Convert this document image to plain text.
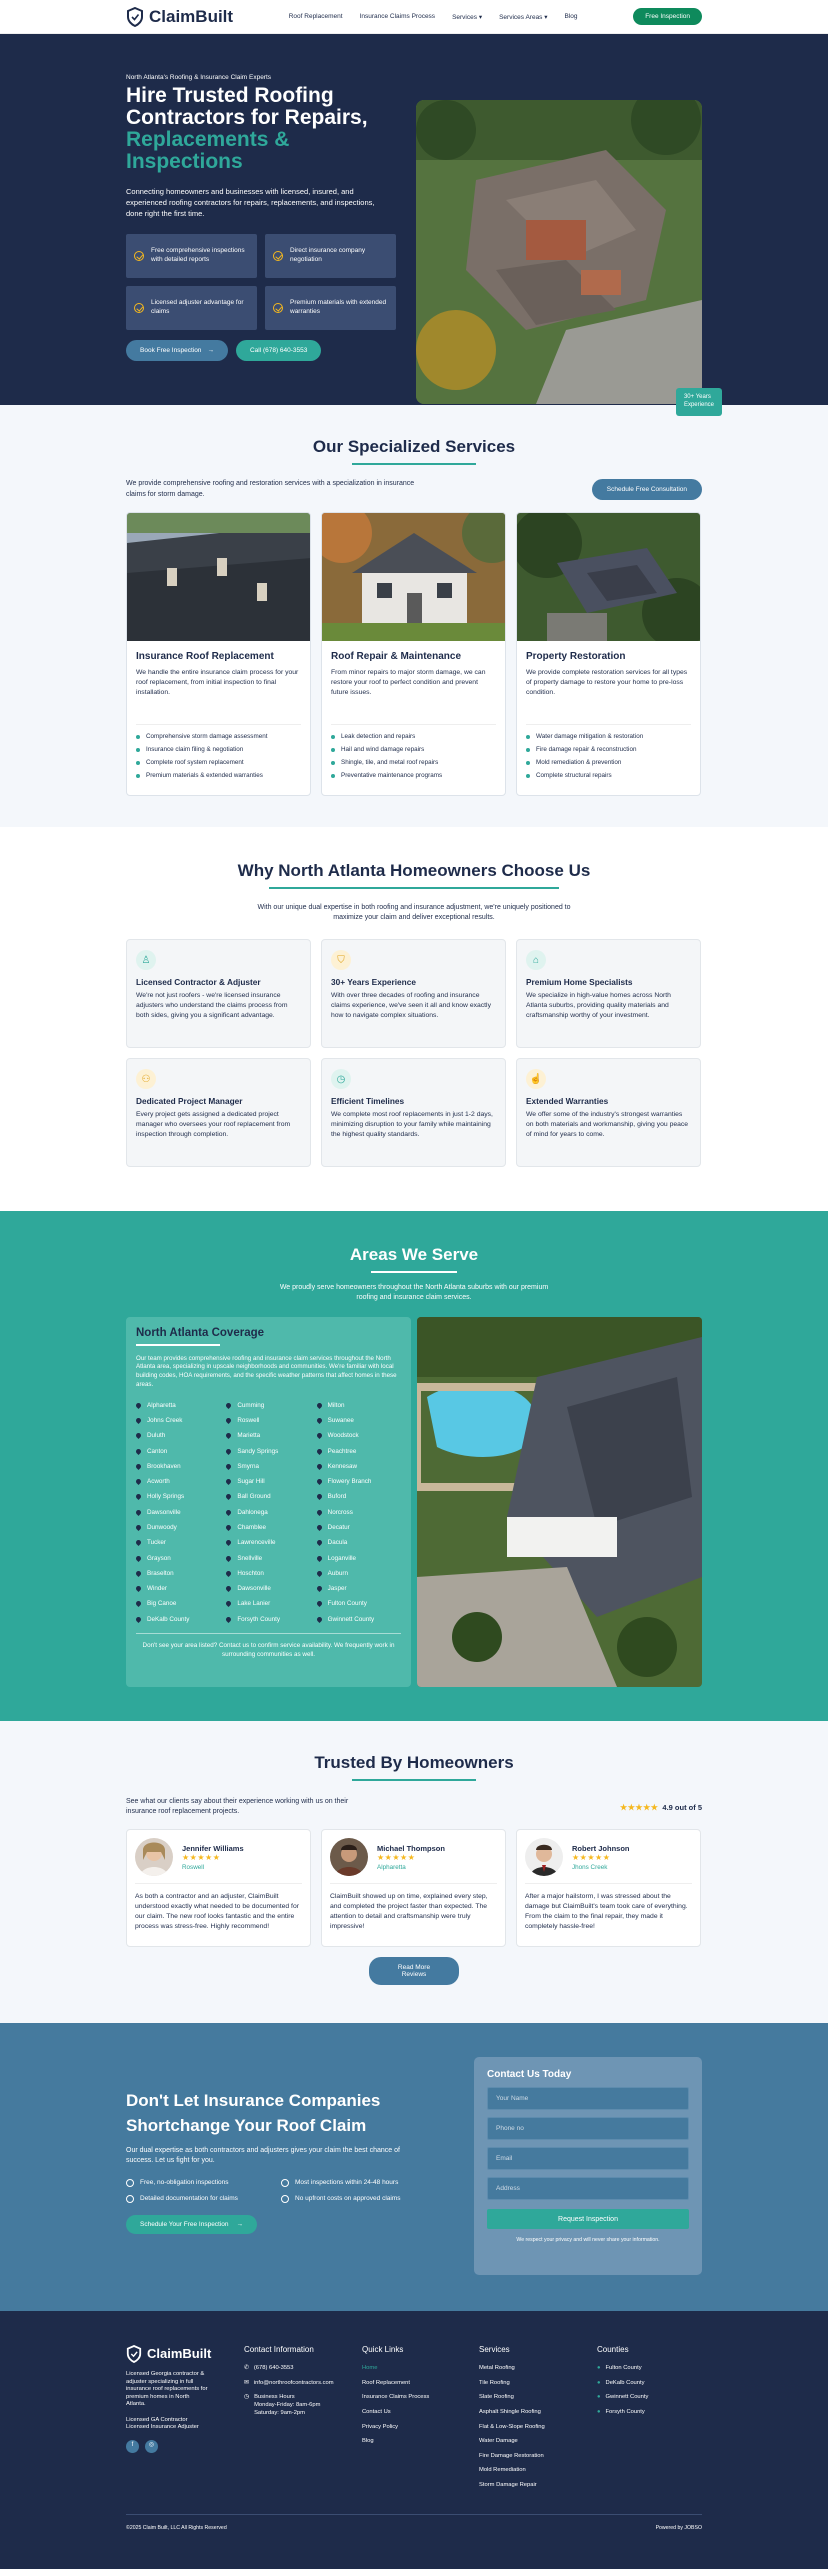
ClaimBuilt	Roof Replacement	Insurance Claims Process	Services ▾	Services Areas ▾	Blog	Free Inspection
North Atlanta's Roofing & Insurance Claim Experts
Hire Trusted Roofing Contractors for Repairs,
Replacements & Inspections
Connecting homeowners and businesses with licensed, insured, and experienced roofing contractors for repairs, replacements, and inspections, done right the first time.
Free comprehensive inspections with detailed reports
Direct insurance company negotiation
Licensed adjuster advantage for claims
Premium materials with extended warranties
Book Free Inspection →	Call (678) 640-3553
30+ Years
Experience
Our Specialized Services

We provide comprehensive roofing and restoration services with a specialization in insurance claims for storm damage.

Schedule Free Consultation
Insurance Roof Replacement
We handle the entire insurance claim process for your roof replacement, from initial inspection to final installation.
Comprehensive storm damage assessment
Insurance claim filing & negotiation
Complete roof system replacement
Premium materials & extended warranties
Roof Repair & Maintenance
From minor repairs to major storm damage, we can restore your roof to perfect condition and prevent future issues.
Leak detection and repairs
Hail and wind damage repairs
Shingle, tile, and metal roof repairs
Preventative maintenance programs
Property Restoration
We provide complete restoration services for all types of property damage to restore your home to pre-loss condition.
Water damage mitigation & restoration
Fire damage repair & reconstruction
Mold remediation & prevention
Complete structural repairs
Why North Atlanta Homeowners Choose Us
With our unique dual expertise in both roofing and insurance adjustment, we're uniquely positioned to maximize your claim and deliver exceptional results.
♙
Licensed Contractor & Adjuster
We're not just roofers - we're licensed insurance adjusters who understand the claims process from both sides, giving you a significant advantage.
⛉
30+ Years Experience
With over three decades of roofing and insurance claims experience, we've seen it all and know exactly how to navigate complex situations.
⌂
Premium Home Specialists
We specialize in high-value homes across North Atlanta suburbs, providing quality materials and craftsmanship worthy of your investment.
⚇
Dedicated Project Manager
Every project gets assigned a dedicated project manager who oversees your roof replacement from inspection through completion.
◷
Efficient Timelines
We complete most roof replacements in just 1-2 days, minimizing disruption to your family while maintaining the highest quality standards.
☝
Extended Warranties
We offer some of the industry's strongest warranties on both materials and workmanship, giving you peace of mind for years to come.
Areas We Serve
We proudly serve homeowners throughout the North Atlanta suburbs with our premium roofing and insurance claim services.
North Atlanta Coverage
Our team provides comprehensive roofing and insurance claim services throughout the North Atlanta area, specializing in upscale neighborhoods and communities. We're familiar with local building codes, HOA requirements, and the specific weather patterns that affect homes in these areas.
Alpharetta	Cumming	Milton
Johns Creek	Roswell	Suwanee
Duluth	Marietta	Woodstock
Canton	Sandy Springs	Peachtree
Brookhaven	Smyrna	Kennesaw
Acworth	Sugar Hill	Flowery Branch
Holly Springs	Ball Ground	Buford
Dawsonville	Dahlonega	Norcross
Dunwoody	Chamblee	Decatur
Tucker	Lawrenceville	Dacula
Grayson	Snellville	Loganville
Braselton	Hoschton	Auburn
Winder	Dawsonville	Jasper
Big Canoe	Lake Lanier	Fulton County
DeKalb County	Forsyth County	Gwinnett County
Don't see your area listed? Contact us to confirm service availability. We frequently work in surrounding communities as well.
Trusted By Homeowners

See what our clients say about their experience working with us on their insurance roof replacement projects.	★★★★★ 4.9 out of 5
Jennifer Williams
★★★★★
Roswell
As both a contractor and an adjuster, ClaimBuilt understood exactly what needed to be documented for our claim. The new roof looks fantastic and the entire process was stress-free. Highly recommend!
Michael Thompson
★★★★★
Alpharetta
ClaimBuilt showed up on time, explained every step, and completed the project faster than expected. The attention to detail and craftsmanship were truly impressive!
Robert Johnson
★★★★★
Jhons Creek
After a major hailstorm, I was stressed about the damage but ClaimBuilt's team took care of everything. From the claim to the final repair, they made it completely hassle-free!
Read More Reviews
Don't Let Insurance Companies Shortchange Your Roof Claim
Our dual expertise as both contractors and adjusters gives your claim the best chance of success. Let us fight for you.
Free, no-obligation inspections	Most inspections within 24-48 hours
Detailed documentation for claims	No upfront costs on approved claims
Schedule Your Free Inspection →
Contact Us Today
Your Name
Phone no
Email
Address
Request Inspection
We respect your privacy and will never share your information.
ClaimBuilt
Licensed Georgia contractor & adjuster specializing in full insurance roof replacements for premium homes in North Atlanta.
Licensed GA Contractor
Licensed Insurance Adjuster
f	◎
Contact Information
✆ (678) 640-3553
✉ info@northroofcontractors.com
◷ Business Hours
Monday-Friday: 8am-6pm
Saturday: 9am-2pm
Quick Links
Home
Roof Replacement
Insurance Claims Process
Contact Us
Privacy Policy
Blog
Services
Metal Roofing
Tile Roofing
Slate Roofing
Asphalt Shingle Roofing
Flat & Low-Slope Roofing
Water Damage
Fire Damage Restoration
Mold Remediation
Storm Damage Repair
Counties
● Fulton County
● DeKalb County
● Gwinnett County
● Forsyth County
©2025 Claim Built, LLC All Rights Reserved	Powered by JOBSO
